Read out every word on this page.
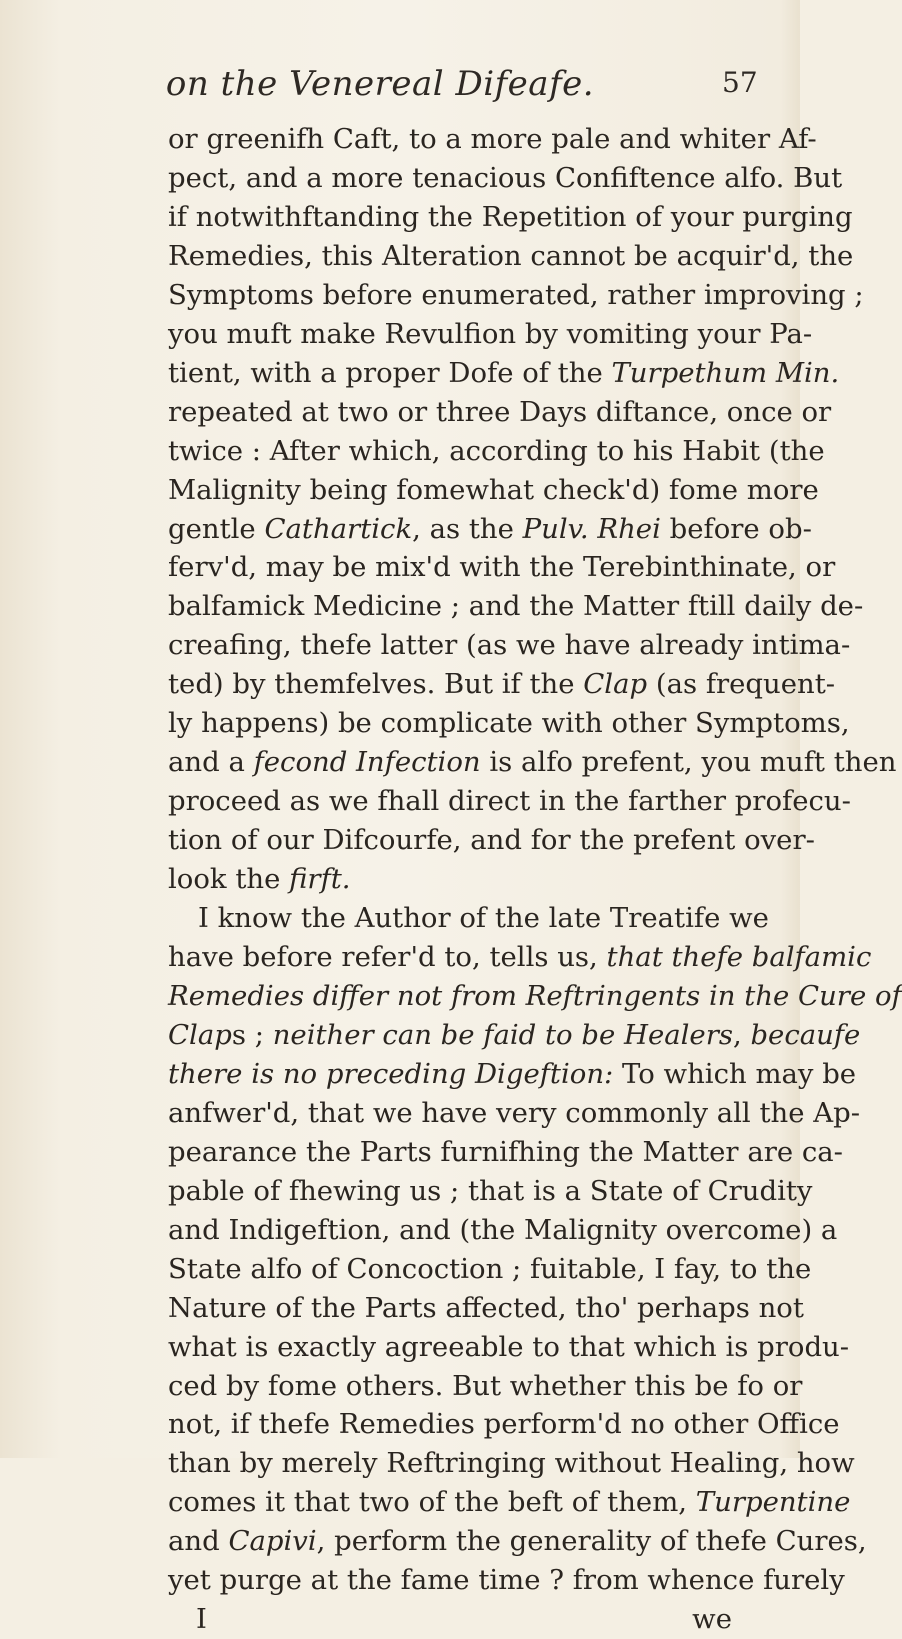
on the Venereal Difeafe.	57
or greenifh Caft, to a more pale and whiter Af-
pect, and a more tenacious Confiftence alfo. But
if notwithftanding the Repetition of your purging
Remedies, this Alteration cannot be acquir'd, the
Symptoms before enumerated, rather improving ;
you muft make Revulfion by vomiting your Pa-
tient, with a proper Dofe of the Turpethum Min.
repeated at two or three Days diftance, once or
twice : After which, according to his Habit (the
Malignity being fomewhat check'd) fome more
gentle Cathartick, as the Pulv. Rhei before ob-
ferv'd, may be mix'd with the Terebinthinate, or
balfamick Medicine ; and the Matter ftill daily de-
creafing, thefe latter (as we have already intima-
ted) by themfelves. But if the Clap (as frequent-
ly happens) be complicate with other Symptoms,
and a fecond Infection is alfo prefent, you muft then
proceed as we fhall direct in the farther profecu-
tion of our Difcourfe, and for the prefent over-
look the firft.
I know the Author of the late Treatife we
have before refer'd to, tells us, that thefe balfamic
Remedies differ not from Reftringents in the Cure of
Claps ; neither can be faid to be Healers, becaufe
there is no preceding Digeftion: To which may be
anfwer'd, that we have very commonly all the Ap-
pearance the Parts furnifhing the Matter are ca-
pable of fhewing us ; that is a State of Crudity
and Indigeftion, and (the Malignity overcome) a
State alfo of Concoction ; fuitable, I fay, to the
Nature of the Parts affected, tho' perhaps not
what is exactly agreeable to that which is produ-
ced by fome others. But whether this be fo or
not, if thefe Remedies perform'd no other Office
than by merely Reftringing without Healing, how
comes it that two of the beft of them, Turpentine
and Capivi, perform the generality of thefe Cures,
yet purge at the fame time ? from whence furely
I	we
